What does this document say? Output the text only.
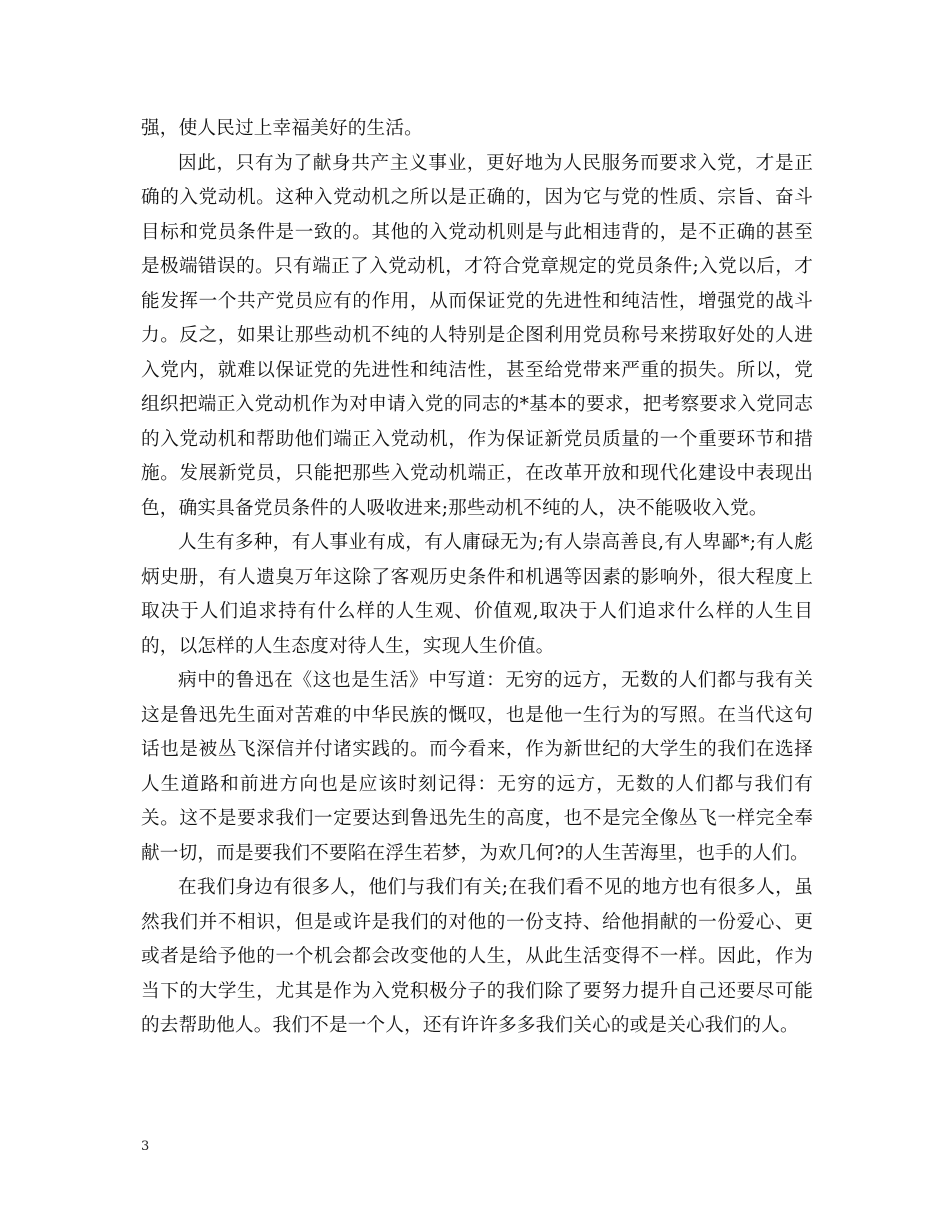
强，使人民过上幸福美好的生活。

因此，只有为了献身共产主义事业，更好地为人民服务而要求入党，才是正确的入党动机。这种入党动机之所以是正确的，因为它与党的性质、宗旨、奋斗目标和党员条件是一致的。其他的入党动机则是与此相违背的，是不正确的甚至是极端错误的。只有端正了入党动机，才符合党章规定的党员条件;入党以后，才能发挥一个共产党员应有的作用，从而保证党的先进性和纯洁性，增强党的战斗力。反之，如果让那些动机不纯的人特别是企图利用党员称号来捞取好处的人进入党内，就难以保证党的先进性和纯洁性，甚至给党带来严重的损失。所以，党组织把端正入党动机作为对申请入党的同志的*基本的要求，把考察要求入党同志的入党动机和帮助他们端正入党动机，作为保证新党员质量的一个重要环节和措施。发展新党员，只能把那些入党动机端正，在改革开放和现代化建设中表现出色，确实具备党员条件的人吸收进来;那些动机不纯的人，决不能吸收入党。

人生有多种，有人事业有成，有人庸碌无为;有人崇高善良,有人卑鄙*;有人彪炳史册，有人遗臭万年这除了客观历史条件和机遇等因素的影响外，很大程度上取决于人们追求持有什么样的人生观、价值观,取决于人们追求什么样的人生目的，以怎样的人生态度对待人生，实现人生价值。

病中的鲁迅在《这也是生活》中写道：无穷的远方，无数的人们都与我有关这是鲁迅先生面对苦难的中华民族的慨叹，也是他一生行为的写照。在当代这句话也是被丛飞深信并付诸实践的。而今看来，作为新世纪的大学生的我们在选择人生道路和前进方向也是应该时刻记得：无穷的远方，无数的人们都与我们有关。这不是要求我们一定要达到鲁迅先生的高度，也不是完全像丛飞一样完全奉献一切，而是要我们不要陷在浮生若梦，为欢几何?的人生苦海里，也手的人们。

在我们身边有很多人，他们与我们有关;在我们看不见的地方也有很多人，虽然我们并不相识，但是或许是我们的对他的一份支持、给他捐献的一份爱心、更或者是给予他的一个机会都会改变他的人生，从此生活变得不一样。因此，作为当下的大学生，尤其是作为入党积极分子的我们除了要努力提升自己还要尽可能的去帮助他人。我们不是一个人，还有许许多多我们关心的或是关心我们的人。

3
